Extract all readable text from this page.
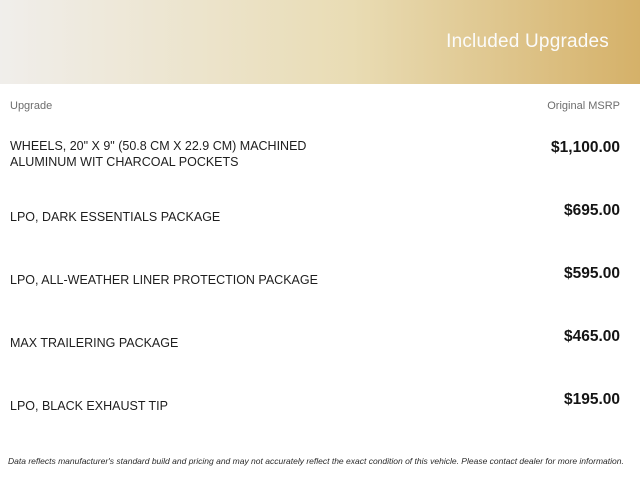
Included Upgrades
Upgrade	Original MSRP
WHEELS, 20" X 9" (50.8 CM X 22.9 CM) MACHINED ALUMINUM WIT CHARCOAL POCKETS
$1,100.00
LPO, DARK ESSENTIALS PACKAGE	$695.00
LPO, ALL-WEATHER LINER PROTECTION PACKAGE	$595.00
MAX TRAILERING PACKAGE	$465.00
LPO, BLACK EXHAUST TIP	$195.00
Data reflects manufacturer's standard build and pricing and may not accurately reflect the exact condition of this vehicle. Please contact dealer for more information.
